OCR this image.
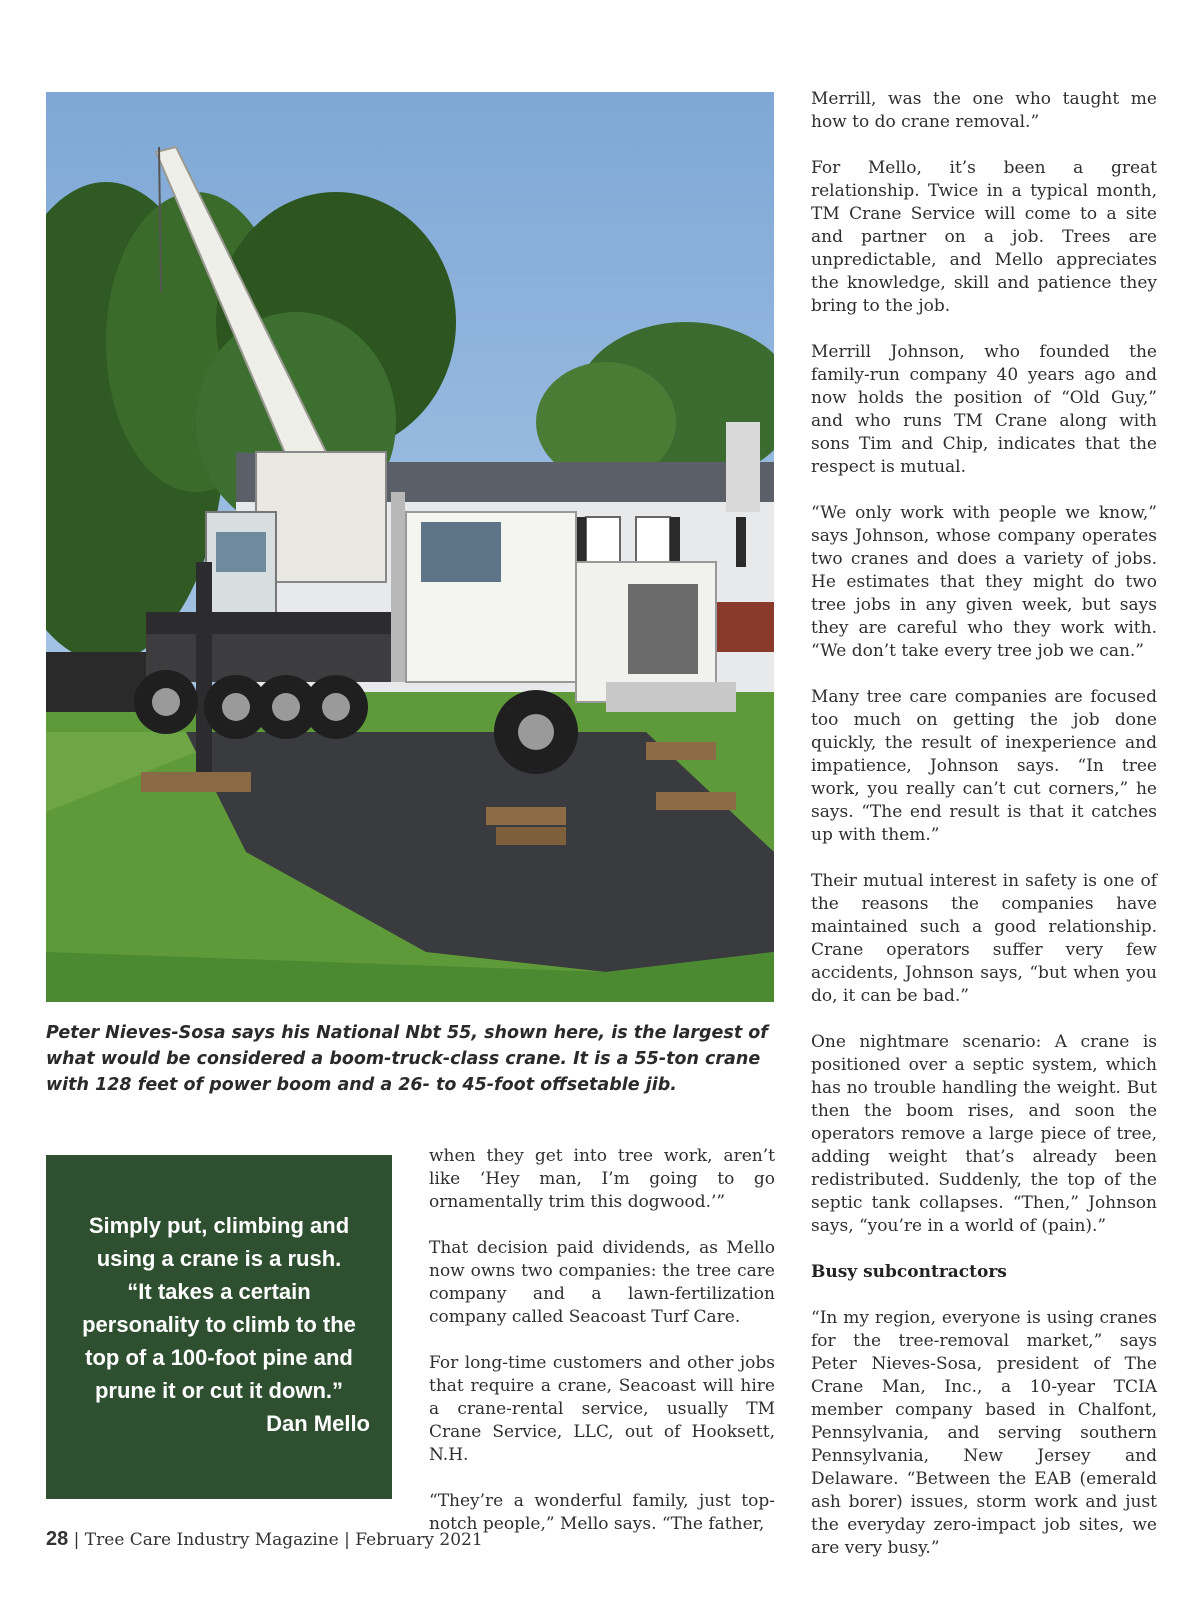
Peter Nieves-Sosa says his National Nbt 55, shown here, is the largest of what would be considered a boom-truck-class crane. It is a 55-ton crane with 128 feet of power boom and a 26- to 45-foot offsetable jib.

Simply put, climbing and using a crane is a rush.
“It takes a certain personality to climb to the top of a 100-foot pine and prune it or cut it down.”
Dan Mello

when they get into tree work, aren’t like ‘Hey man, I’m going to go ornamentally trim this dogwood.’”

That decision paid dividends, as Mello now owns two companies: the tree care company and a lawn-fertilization company called Seacoast Turf Care.

For long-time customers and other jobs that require a crane, Seacoast will hire a crane-rental service, usually TM Crane Service, LLC, out of Hooksett, N.H.

“They’re a wonderful family, just top-notch people,” Mello says. “The father,

Merrill, was the one who taught me how to do crane removal.”

For Mello, it’s been a great relationship. Twice in a typical month, TM Crane Service will come to a site and partner on a job. Trees are unpredictable, and Mello appreciates the knowledge, skill and patience they bring to the job.

Merrill Johnson, who founded the family-run company 40 years ago and now holds the position of “Old Guy,” and who runs TM Crane along with sons Tim and Chip, indicates that the respect is mutual.

“We only work with people we know,” says Johnson, whose company operates two cranes and does a variety of jobs. He estimates that they might do two tree jobs in any given week, but says they are careful who they work with. “We don’t take every tree job we can.”

Many tree care companies are focused too much on getting the job done quickly, the result of inexperience and impatience, Johnson says. “In tree work, you really can’t cut corners,” he says. “The end result is that it catches up with them.”

Their mutual interest in safety is one of the reasons the companies have maintained such a good relationship. Crane operators suffer very few accidents, Johnson says, “but when you do, it can be bad.”

One nightmare scenario: A crane is positioned over a septic system, which has no trouble handling the weight. But then the boom rises, and soon the operators remove a large piece of tree, adding weight that’s already been redistributed. Suddenly, the top of the septic tank collapses. “Then,” Johnson says, “you’re in a world of (pain).”

Busy subcontractors

“In my region, everyone is using cranes for the tree-removal market,” says Peter Nieves-Sosa, president of The Crane Man, Inc., a 10-year TCIA member company based in Chalfont, Pennsylvania, and serving southern Pennsylvania, New Jersey and Delaware. “Between the EAB (emerald ash borer) issues, storm work and just the everyday zero-impact job sites, we are very busy.”

28 | Tree Care Industry Magazine | February 2021
